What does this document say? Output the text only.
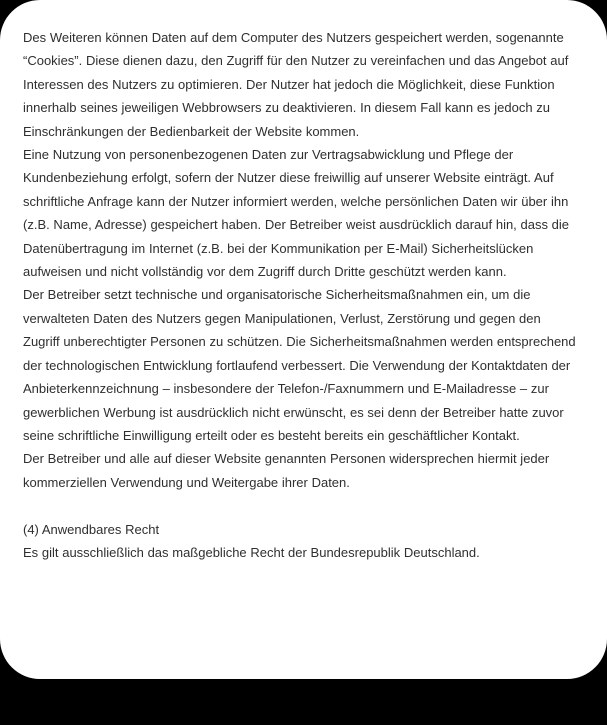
Des Weiteren können Daten auf dem Computer des Nutzers gespeichert werden, sogenannte “Cookies”. Diese dienen dazu, den Zugriff für den Nutzer zu vereinfachen und das Angebot auf Interessen des Nutzers zu optimieren. Der Nutzer hat jedoch die Möglichkeit, diese Funktion innerhalb seines jeweiligen Webbrowsers zu deaktivieren. In diesem Fall kann es jedoch zu Einschränkungen der Bedienbarkeit der Website kommen.

Eine Nutzung von personenbezogenen Daten zur Vertragsabwicklung und Pflege der Kundenbeziehung erfolgt, sofern der Nutzer diese freiwillig auf unserer Website einträgt. Auf schriftliche Anfrage kann der Nutzer informiert werden, welche persönlichen Daten wir über ihn (z.B. Name, Adresse) gespeichert haben. Der Betreiber weist ausdrücklich darauf hin, dass die Datenübertragung im Internet (z.B. bei der Kommunikation per E-Mail) Sicherheitslücken aufweisen und nicht vollständig vor dem Zugriff durch Dritte geschützt werden kann.

Der Betreiber setzt technische und organisatorische Sicherheitsmaßnahmen ein, um die verwalteten Daten des Nutzers gegen Manipulationen, Verlust, Zerstörung und gegen den Zugriff unberechtigter Personen zu schützen. Die Sicherheitsmaßnahmen werden entsprechend der technologischen Entwicklung fortlaufend verbessert. Die Verwendung der Kontaktdaten der Anbieterkennzeichnung – insbesondere der Telefon-/Faxnummern und E-Mailadresse – zur gewerblichen Werbung ist ausdrücklich nicht erwünscht, es sei denn der Betreiber hatte zuvor seine schriftliche Einwilligung erteilt oder es besteht bereits ein geschäftlicher Kontakt.

Der Betreiber und alle auf dieser Website genannten Personen widersprechen hiermit jeder kommerziellen Verwendung und Weitergabe ihrer Daten.

(4) Anwendbares Recht

Es gilt ausschließlich das maßgebliche Recht der Bundesrepublik Deutschland.
